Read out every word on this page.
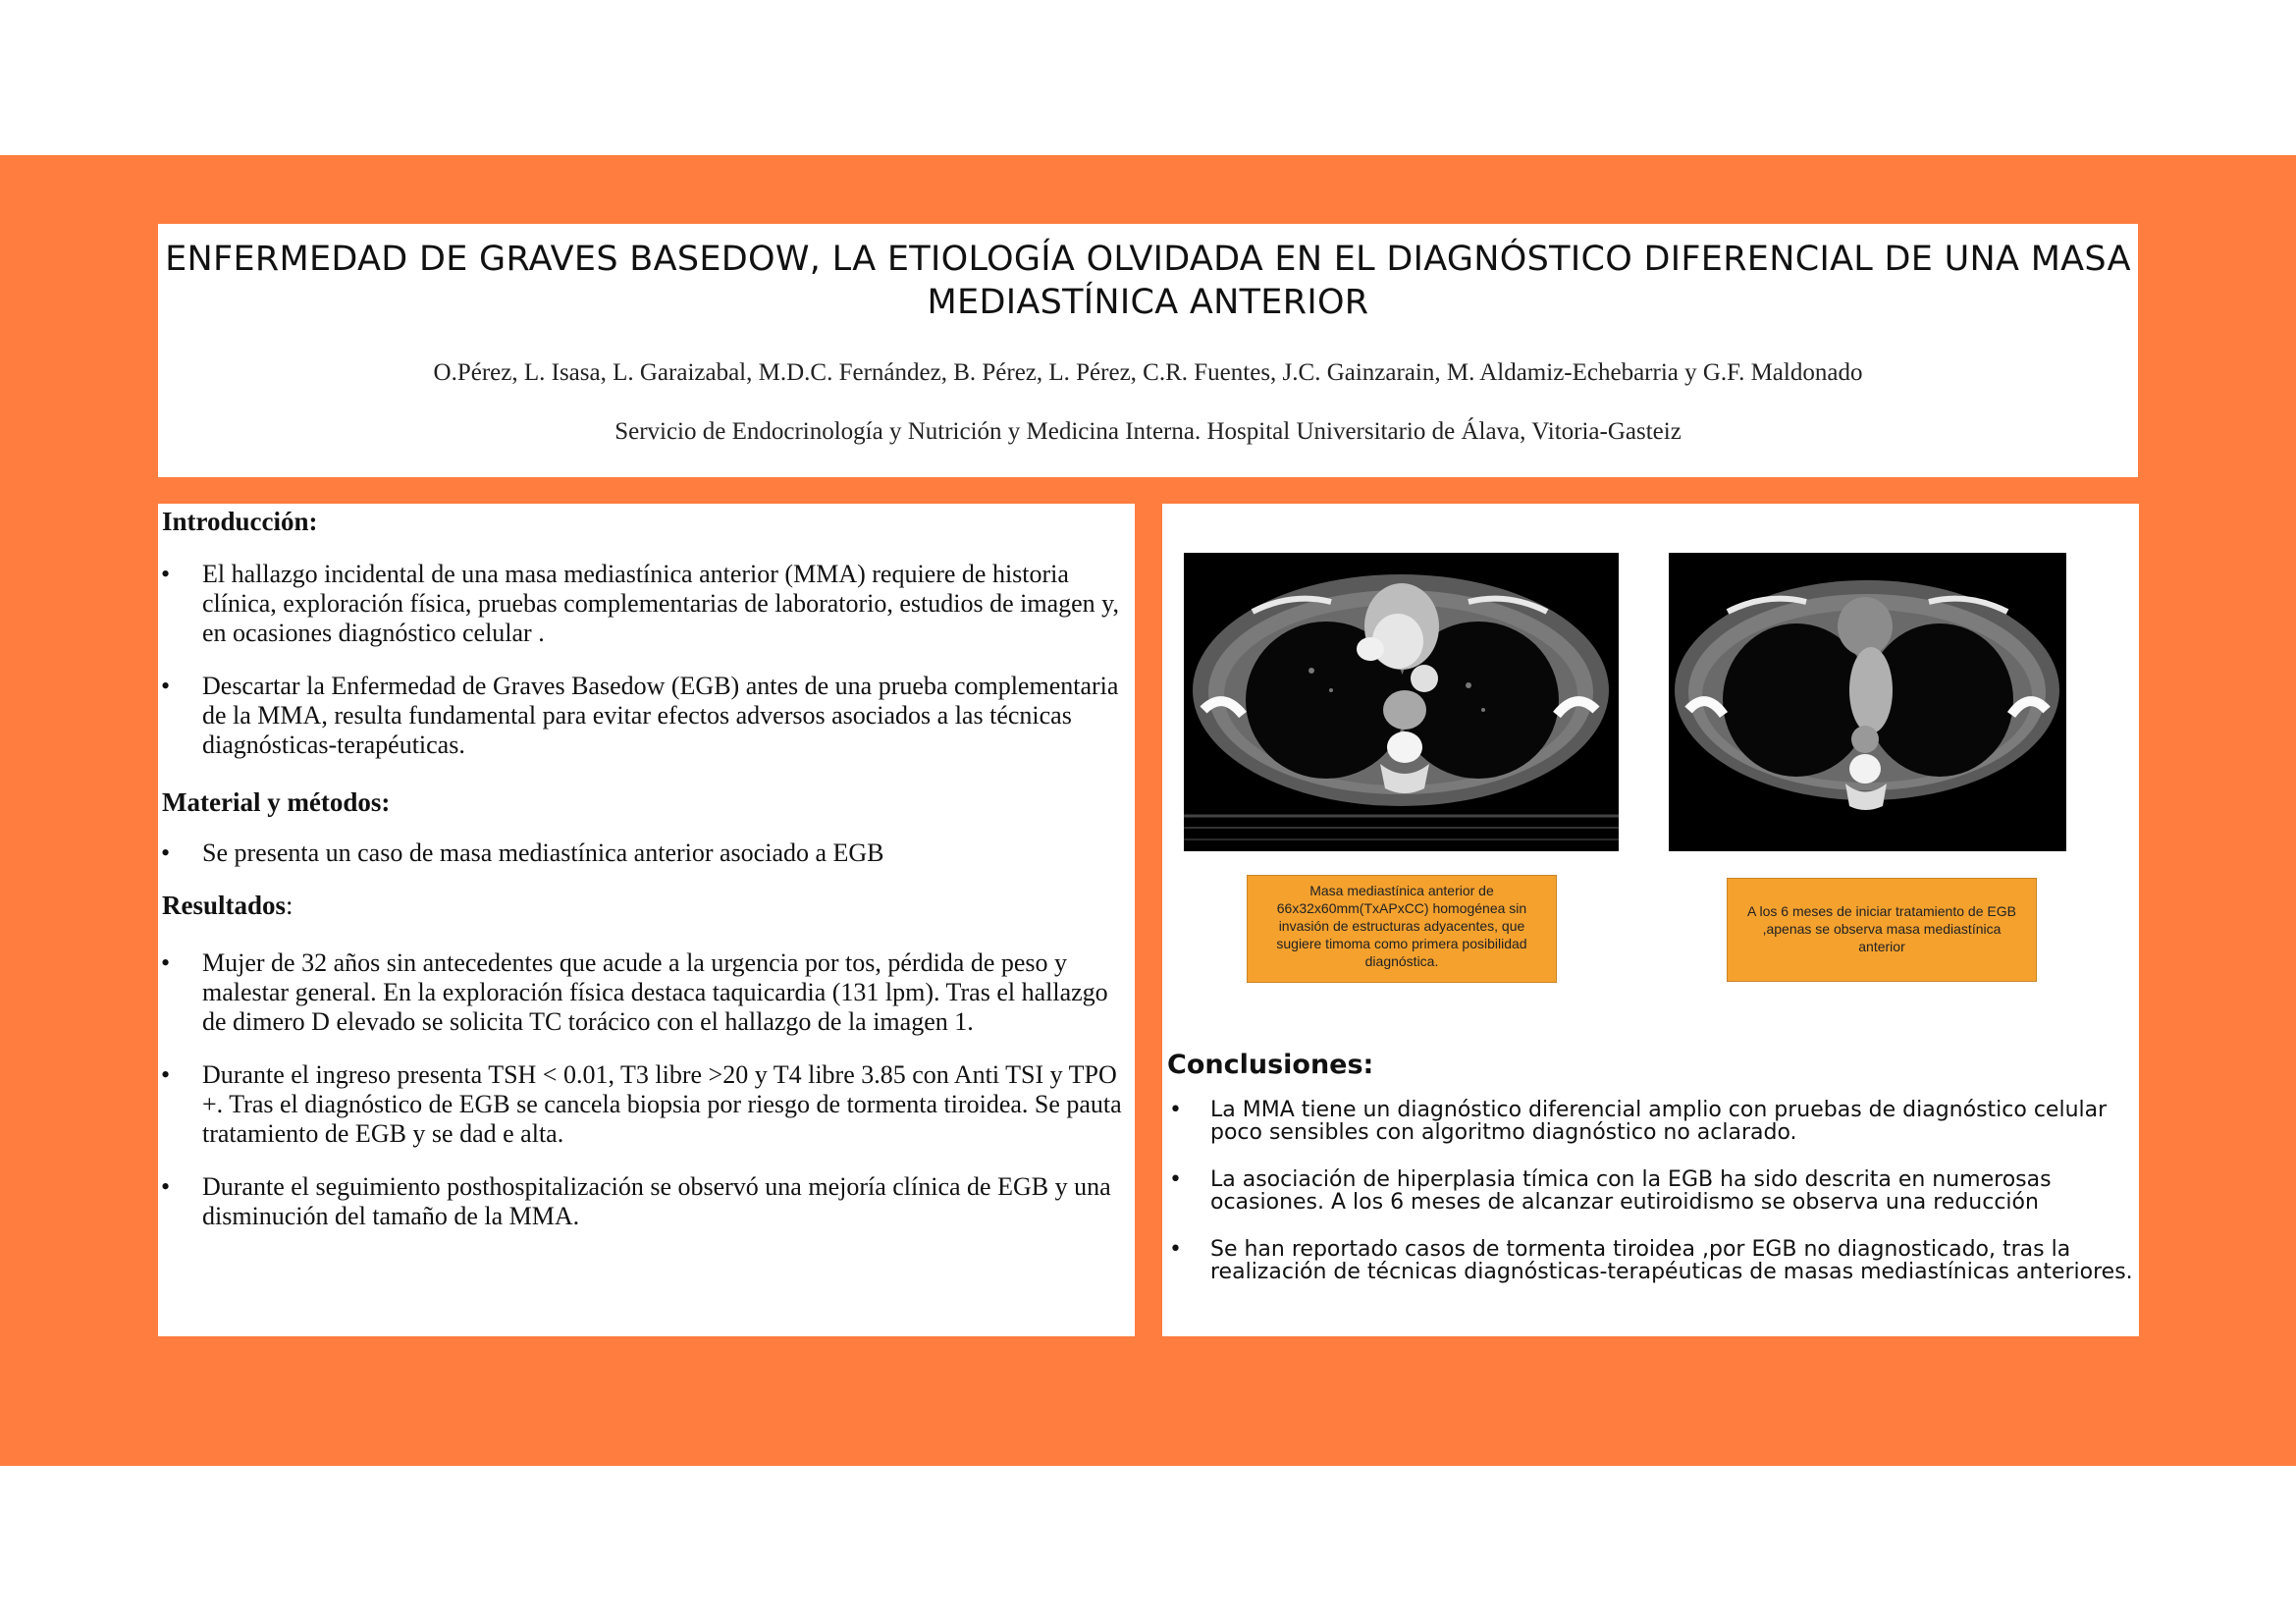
ENFERMEDAD DE GRAVES BASEDOW, LA ETIOLOGÍA OLVIDADA EN EL DIAGNÓSTICO DIFERENCIAL DE UNA MASA MEDIASTÍNICA ANTERIOR
O.Pérez, L. Isasa, L. Garaizabal, M.D.C. Fernández, B. Pérez, L. Pérez, C.R. Fuentes, J.C. Gainzarain, M. Aldamiz-Echebarria y G.F. Maldonado
Servicio de Endocrinología y Nutrición y Medicina Interna. Hospital Universitario de Álava, Vitoria-Gasteiz
Introducción:
• El hallazgo incidental de una masa mediastínica anterior (MMA) requiere de historia clínica, exploración física, pruebas complementarias de laboratorio, estudios de imagen y, en ocasiones diagnóstico celular .
• Descartar la Enfermedad de Graves Basedow (EGB) antes de una prueba complementaria de la MMA, resulta fundamental para evitar efectos adversos asociados a las técnicas diagnósticas-terapéuticas.
Material y métodos:
• Se presenta un caso de masa mediastínica anterior asociado a EGB
Resultados:
• Mujer de 32 años sin antecedentes que acude a la urgencia por tos, pérdida de peso y malestar general. En la exploración física destaca taquicardia (131 lpm). Tras el hallazgo de dimero D elevado se solicita TC torácico con el hallazgo de la imagen 1.
• Durante el ingreso presenta TSH < 0.01, T3 libre >20 y T4 libre 3.85 con Anti TSI y TPO +. Tras el diagnóstico de EGB se cancela biopsia por riesgo de tormenta tiroidea. Se pauta tratamiento de EGB y se dad e alta.
• Durante el seguimiento posthospitalización se observó una mejoría clínica de EGB y una disminución del tamaño de la MMA.
Masa mediastínica anterior de 66x32x60mm(TxAPxCC) homogénea sin invasión de estructuras adyacentes, que sugiere timoma como primera posibilidad diagnóstica.
A los 6 meses de iniciar tratamiento de EGB ,apenas se observa masa mediastínica anterior
Conclusiones:
• La MMA tiene un diagnóstico diferencial amplio con pruebas de diagnóstico celular poco sensibles con algoritmo diagnóstico no aclarado.
• La asociación de hiperplasia tímica con la EGB ha sido descrita en numerosas ocasiones. A los 6 meses de alcanzar eutiroidismo se observa una reducción
• Se han reportado casos de tormenta tiroidea ,por EGB no diagnosticado, tras la realización de técnicas diagnósticas-terapéuticas de masas mediastínicas anteriores.
